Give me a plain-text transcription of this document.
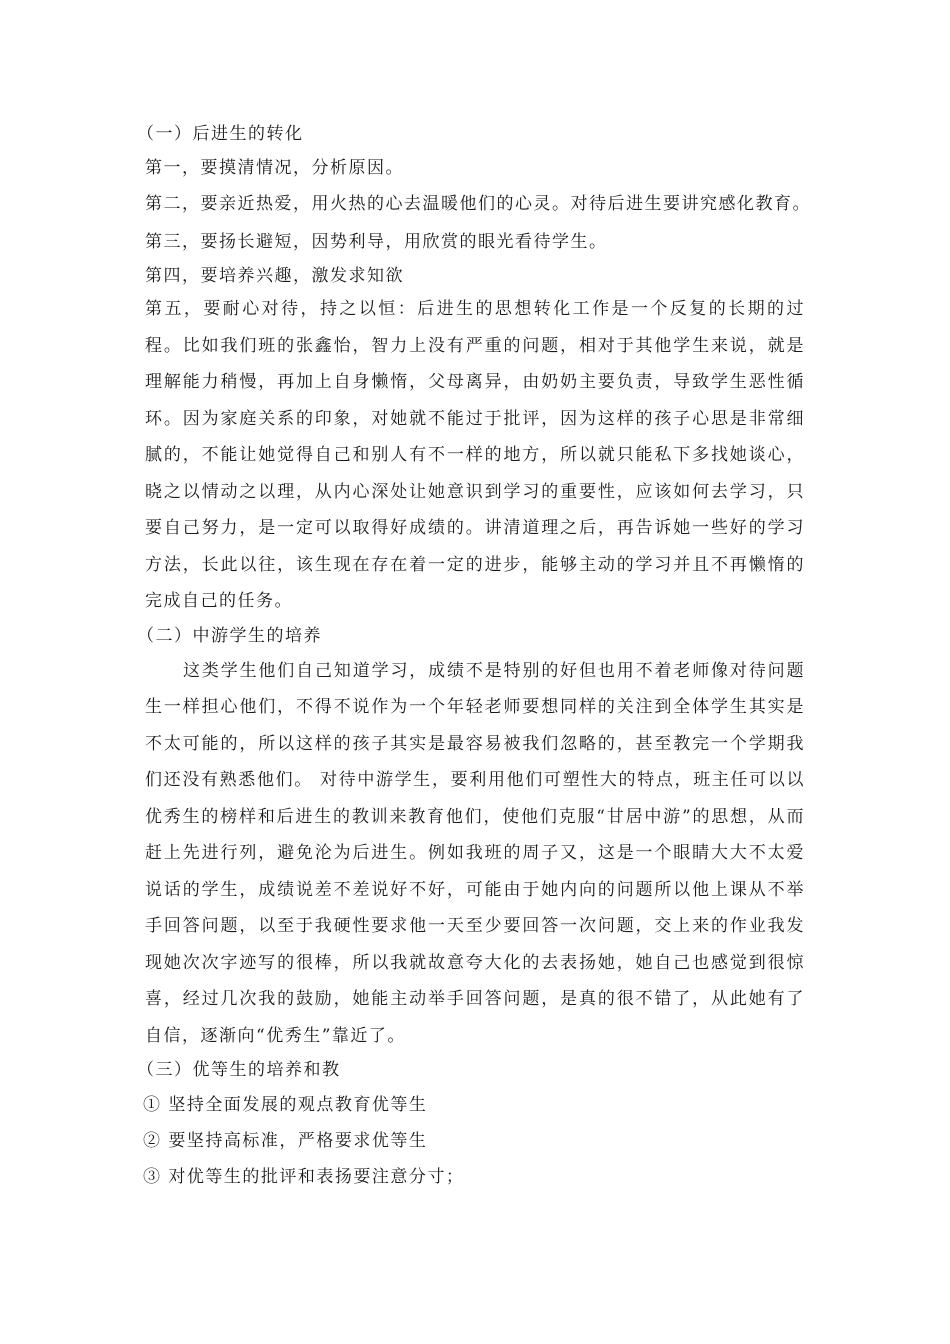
（一）后进生的转化
第一，要摸清情况，分析原因。
第二，要亲近热爱，用火热的心去温暖他们的心灵。对待后进生要讲究感化教育。
第三，要扬长避短，因势利导，用欣赏的眼光看待学生。
第四，要培养兴趣，激发求知欲

第五，要耐心对待，持之以恒：后进生的思想转化工作是一个反复的长期的过程。比如我们班的张鑫怡，智力上没有严重的问题，相对于其他学生来说，就是理解能力稍慢，再加上自身懒惰，父母离异，由奶奶主要负责，导致学生恶性循环。因为家庭关系的印象，对她就不能过于批评，因为这样的孩子心思是非常细腻的，不能让她觉得自己和别人有不一样的地方，所以就只能私下多找她谈心，晓之以情动之以理，从内心深处让她意识到学习的重要性，应该如何去学习，只要自己努力，是一定可以取得好成绩的。讲清道理之后，再告诉她一些好的学习方法，长此以往，该生现在存在着一定的进步，能够主动的学习并且不再懒惰的完成自己的任务。

（二）中游学生的培养

这类学生他们自己知道学习，成绩不是特别的好但也用不着老师像对待问题生一样担心他们，不得不说作为一个年轻老师要想同样的关注到全体学生其实是不太可能的，所以这样的孩子其实是最容易被我们忽略的，甚至教完一个学期我们还没有熟悉他们。 对待中游学生，要利用他们可塑性大的特点，班主任可以以优秀生的榜样和后进生的教训来教育他们，使他们克服“甘居中游”的思想，从而赶上先进行列，避免沦为后进生。例如我班的周子又，这是一个眼睛大大不太爱说话的学生，成绩说差不差说好不好，可能由于她内向的问题所以他上课从不举手回答问题，以至于我硬性要求他一天至少要回答一次问题，交上来的作业我发现她次次字迹写的很棒，所以我就故意夸大化的去表扬她，她自己也感觉到很惊喜，经过几次我的鼓励，她能主动举手回答问题，是真的很不错了，从此她有了自信，逐渐向“优秀生”靠近了。

（三）优等生的培养和教
① 坚持全面发展的观点教育优等生
② 要坚持高标准，严格要求优等生
③ 对优等生的批评和表扬要注意分寸；
